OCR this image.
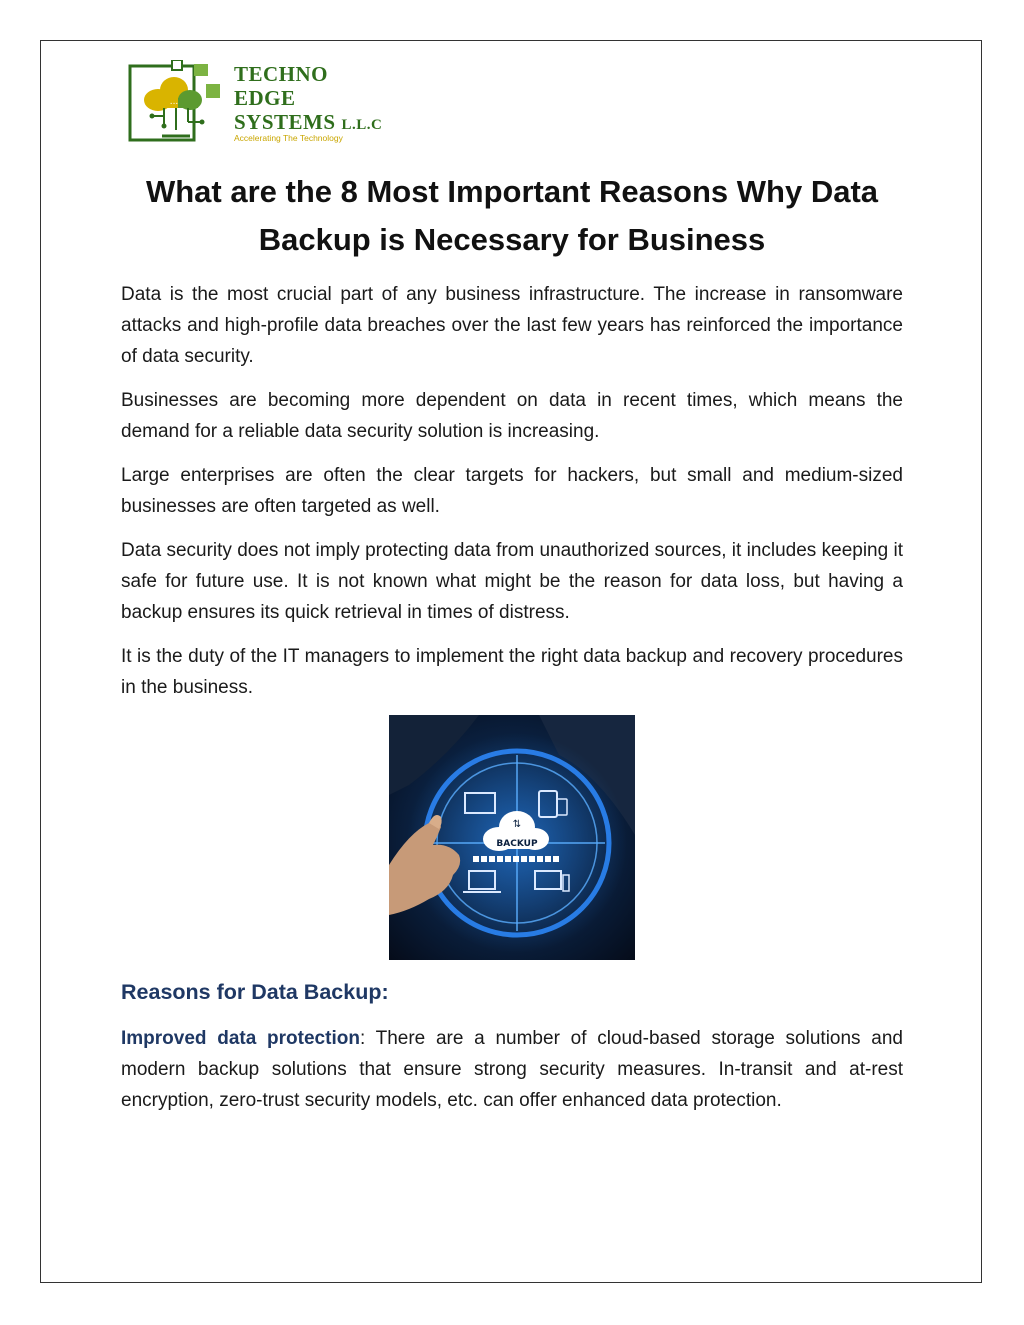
...
TECHNO
EDGE
SYSTEMS L.L.C
Accelerating The Technology
What are the 8 Most Important Reasons Why Data Backup is Necessary for Business

Data is the most crucial part of any business infrastructure. The increase in ransomware attacks and high-profile data breaches over the last few years has reinforced the importance of data security.

Businesses are becoming more dependent on data in recent times, which means the demand for a reliable data security solution is increasing.

Large enterprises are often the clear targets for hackers, but small and medium-sized businesses are often targeted as well.

Data security does not imply protecting data from unauthorized sources, it includes keeping it safe for future use. It is not known what might be the reason for data loss, but having a backup ensures its quick retrieval in times of distress.

It is the duty of the IT managers to implement the right data backup and recovery procedures in the business.

⇅
BACKUP
Reasons for Data Backup:

Improved data protection: There are a number of cloud-based storage solutions and modern backup solutions that ensure strong security measures. In-transit and at-rest encryption, zero-trust security models, etc. can offer enhanced data protection.
